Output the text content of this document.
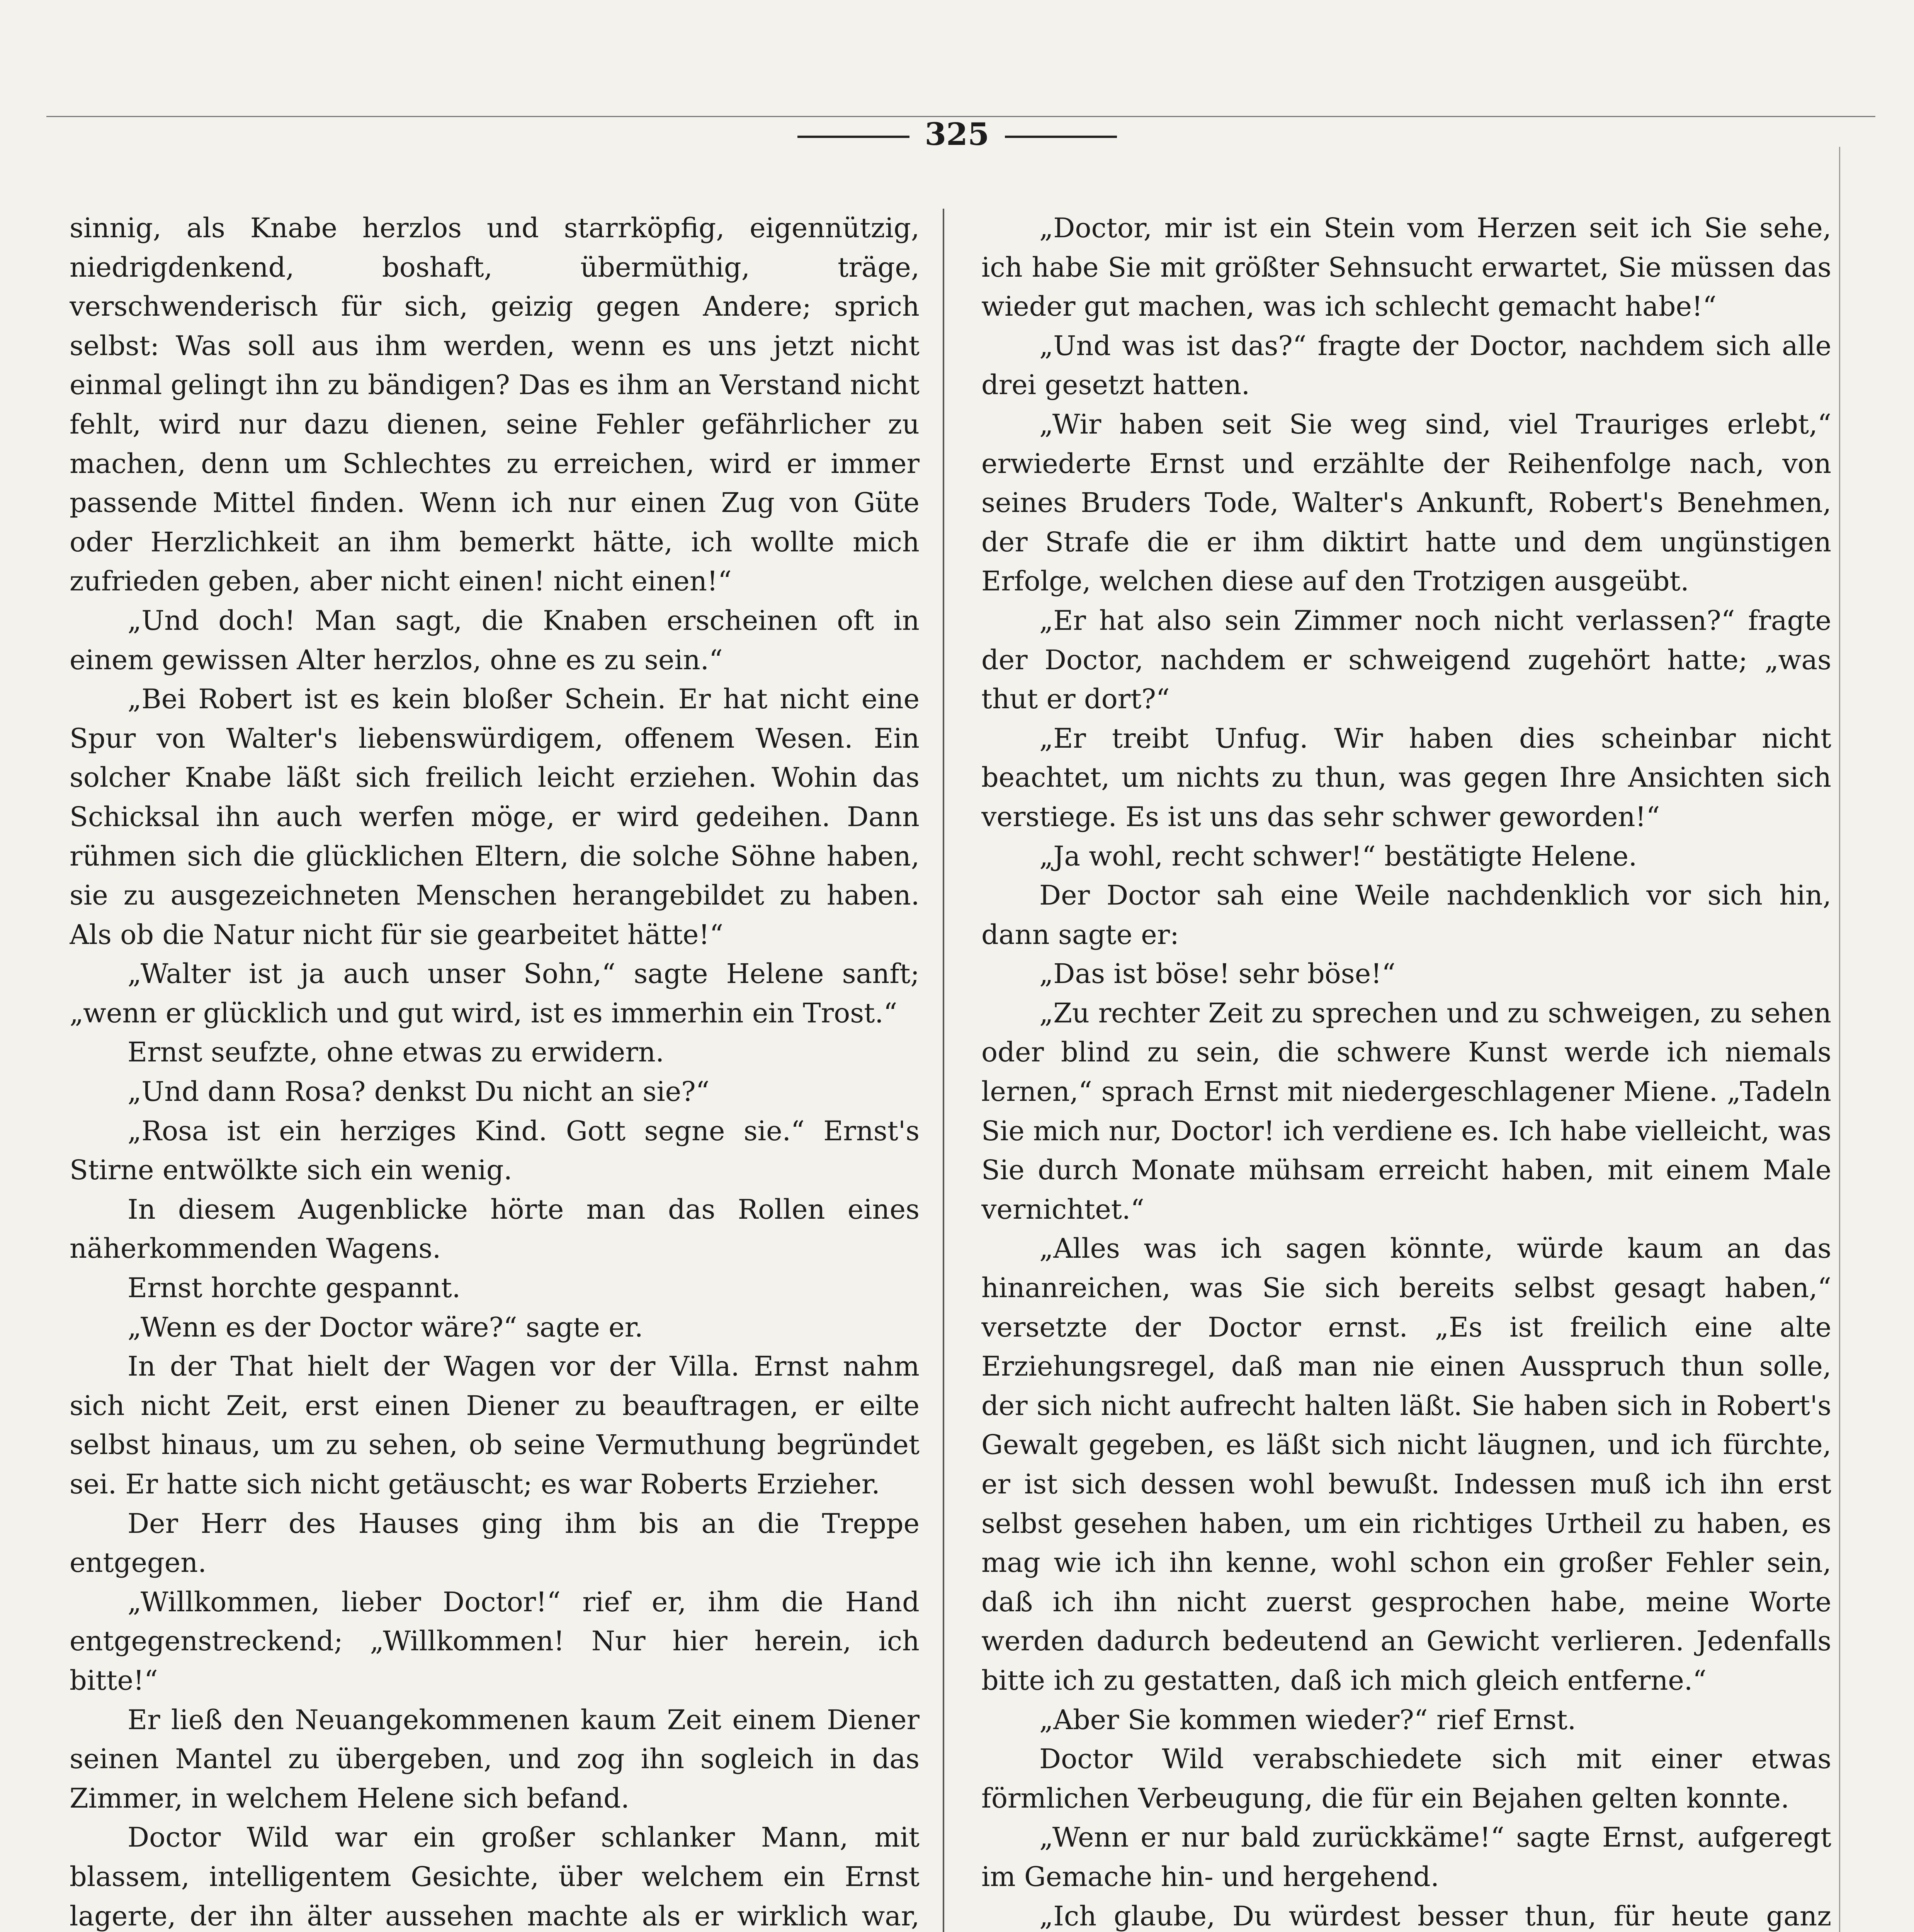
325

sinnig, als Knabe herzlos und starrköpfig, eigennützig, niedrigdenkend, boshaft, übermüthig, träge, verschwenderisch für sich, geizig gegen Andere; sprich selbst: Was soll aus ihm werden, wenn es uns jetzt nicht einmal gelingt ihn zu bändigen? Das es ihm an Verstand nicht fehlt, wird nur dazu dienen, seine Fehler gefährlicher zu machen, denn um Schlechtes zu erreichen, wird er immer passende Mittel finden. Wenn ich nur einen Zug von Güte oder Herzlichkeit an ihm bemerkt hätte, ich wollte mich zufrieden geben, aber nicht einen! nicht einen!“

„Und doch! Man sagt, die Knaben erscheinen oft in einem gewissen Alter herzlos, ohne es zu sein.“

„Bei Robert ist es kein bloßer Schein. Er hat nicht eine Spur von Walter's liebenswürdigem, offenem Wesen. Ein solcher Knabe läßt sich freilich leicht erziehen. Wohin das Schicksal ihn auch werfen möge, er wird gedeihen. Dann rühmen sich die glücklichen Eltern, die solche Söhne haben, sie zu ausgezeichneten Menschen herangebildet zu haben. Als ob die Natur nicht für sie gearbeitet hätte!“

„Walter ist ja auch unser Sohn,“ sagte Helene sanft; „wenn er glücklich und gut wird, ist es immerhin ein Trost.“

Ernst seufzte, ohne etwas zu erwidern.

„Und dann Rosa? denkst Du nicht an sie?“

„Rosa ist ein herziges Kind. Gott segne sie.“ Ernst's Stirne entwölkte sich ein wenig.

In diesem Augenblicke hörte man das Rollen eines näherkommenden Wagens.

Ernst horchte gespannt.

„Wenn es der Doctor wäre?“ sagte er.

In der That hielt der Wagen vor der Villa. Ernst nahm sich nicht Zeit, erst einen Diener zu beauftragen, er eilte selbst hinaus, um zu sehen, ob seine Vermuthung begründet sei. Er hatte sich nicht getäuscht; es war Roberts Erzieher.

Der Herr des Hauses ging ihm bis an die Treppe entgegen.

„Willkommen, lieber Doctor!“ rief er, ihm die Hand entgegenstreckend; „Willkommen! Nur hier herein, ich bitte!“

Er ließ den Neuangekommenen kaum Zeit einem Diener seinen Mantel zu übergeben, und zog ihn sogleich in das Zimmer, in welchem Helene sich befand.

Doctor Wild war ein großer schlanker Mann, mit blassem, intelligentem Gesichte, über welchem ein Ernst lagerte, der ihn älter aussehen machte als er wirklich war,

„Doctor, mir ist ein Stein vom Herzen seit ich Sie sehe, ich habe Sie mit größter Sehnsucht erwartet, Sie müssen das wieder gut machen, was ich schlecht gemacht habe!“

„Und was ist das?“ fragte der Doctor, nachdem sich alle drei gesetzt hatten.

„Wir haben seit Sie weg sind, viel Trauriges erlebt,“ erwiederte Ernst und erzählte der Reihenfolge nach, von seines Bruders Tode, Walter's Ankunft, Robert's Benehmen, der Strafe die er ihm diktirt hatte und dem ungünstigen Erfolge, welchen diese auf den Trotzigen ausgeübt.

„Er hat also sein Zimmer noch nicht verlassen?“ fragte der Doctor, nachdem er schweigend zugehört hatte; „was thut er dort?“

„Er treibt Unfug. Wir haben dies scheinbar nicht beachtet, um nichts zu thun, was gegen Ihre Ansichten sich verstiege. Es ist uns das sehr schwer geworden!“

„Ja wohl, recht schwer!“ bestätigte Helene.

Der Doctor sah eine Weile nachdenklich vor sich hin, dann sagte er:

„Das ist böse! sehr böse!“

„Zu rechter Zeit zu sprechen und zu schweigen, zu sehen oder blind zu sein, die schwere Kunst werde ich niemals lernen,“ sprach Ernst mit niedergeschlagener Miene. „Tadeln Sie mich nur, Doctor! ich verdiene es. Ich habe vielleicht, was Sie durch Monate mühsam erreicht haben, mit einem Male vernichtet.“

„Alles was ich sagen könnte, würde kaum an das hinanreichen, was Sie sich bereits selbst gesagt haben,“ versetzte der Doctor ernst. „Es ist freilich eine alte Erziehungsregel, daß man nie einen Ausspruch thun solle, der sich nicht aufrecht halten läßt. Sie haben sich in Robert's Gewalt gegeben, es läßt sich nicht läugnen, und ich fürchte, er ist sich dessen wohl bewußt. Indessen muß ich ihn erst selbst gesehen haben, um ein richtiges Urtheil zu haben, es mag wie ich ihn kenne, wohl schon ein großer Fehler sein, daß ich ihn nicht zuerst gesprochen habe, meine Worte werden dadurch bedeutend an Gewicht verlieren. Jedenfalls bitte ich zu gestatten, daß ich mich gleich entferne.“

„Aber Sie kommen wieder?“ rief Ernst.

Doctor Wild verabschiedete sich mit einer etwas förmlichen Verbeugung, die für ein Bejahen gelten konnte.

„Wenn er nur bald zurückkäme!“ sagte Ernst, aufgeregt im Gemache hin- und hergehend.

„Ich glaube, Du würdest besser thun, für heute ganz
